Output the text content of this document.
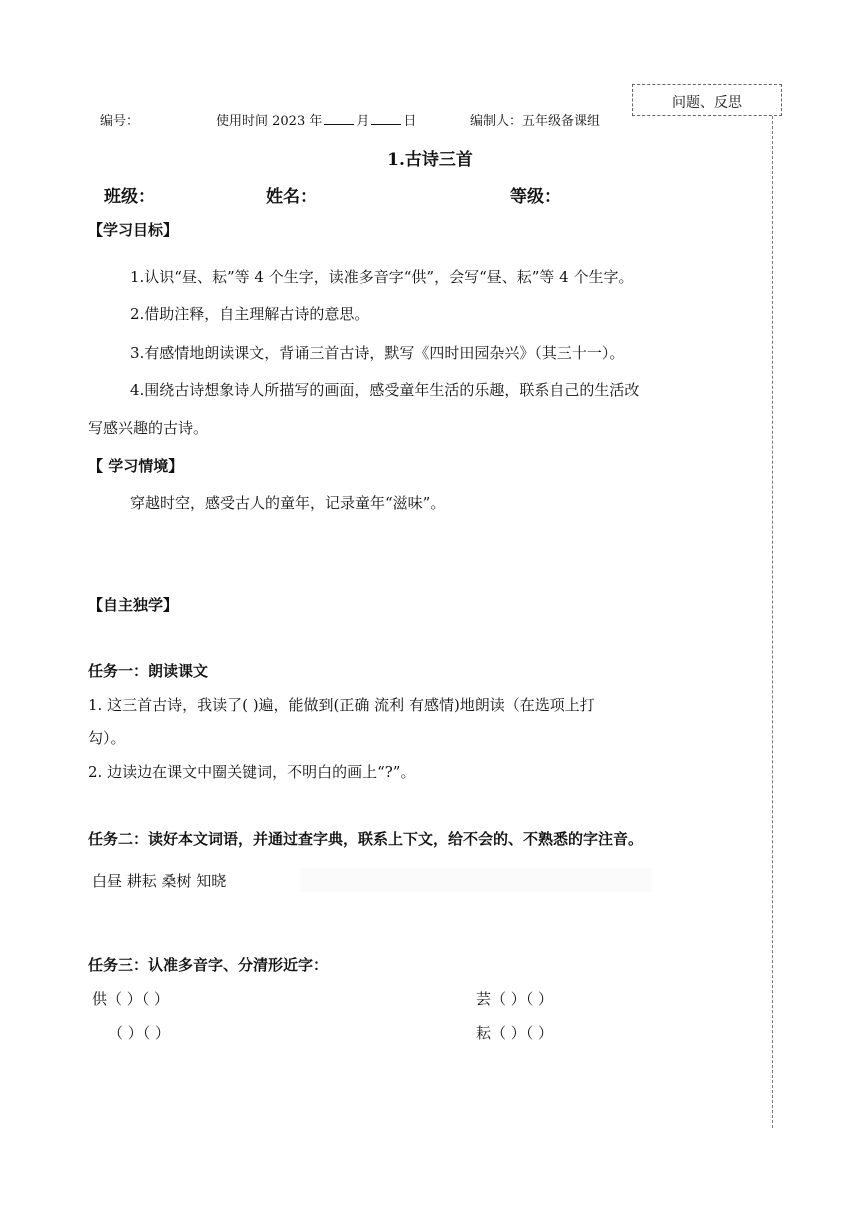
问题、反思
编号：	使用时间 2023 年	月	日	编制人：五年级备课组
1.古诗三首
班级：	姓名：	等级：
【学习目标】
1.认识“昼、耘”等 4 个生字，读准多音字“供”，会写“昼、耘”等 4 个生字。
2.借助注释，自主理解古诗的意思。
3.有感情地朗读课文，背诵三首古诗，默写《四时田园杂兴》（其三十一）。
4.围绕古诗想象诗人所描写的画面，感受童年生活的乐趣，联系自己的生活改
写感兴趣的古诗。
【 学习情境】
穿越时空，感受古人的童年，记录童年“滋味”。
【自主独学】
任务一：朗读课文
1. 这三首古诗，我读了( )遍，能做到(正确 流利 有感情)地朗读（在选项上打
勾）。
2. 边读边在课文中圈关键词，不明白的画上“?”。
任务二：读好本文词语，并通过查字典，联系上下文，给不会的、不熟悉的字注音。
白昼 耕耘 桑树 知晓
任务三：认准多音字、分清形近字：
供（ ）（ ）	芸（ ）（ ）
（ ）（ ）	耘（ ）（ ）
